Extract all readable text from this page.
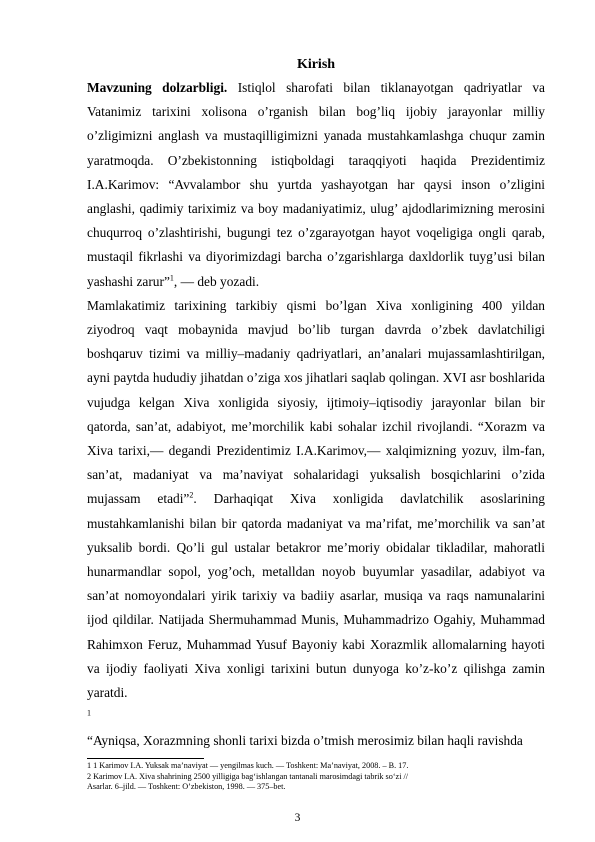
Kirish

Mavzuning dolzarbligi. Istiqlol sharofati bilan tiklanayotgan qadriyatlar va Vatanimiz tarixini xolisona o’rganish bilan bog’liq ijobiy jarayonlar milliy o’zligimizni anglash va mustaqilligimizni yanada mustahkamlashga chuqur zamin yaratmoqda. O’zbekistonning istiqboldagi taraqqiyoti haqida Prezidentimiz I.A.Karimov: “Avvalambor shu yurtda yashayotgan har qaysi inson o’zligini anglashi, qadimiy tariximiz va boy madaniyatimiz, ulug’ ajdodlarimizning merosini chuqurroq o’zlashtirishi, bugungi tez o’zgarayotgan hayot voqeligiga ongli qarab, mustaqil fikrlashi va diyorimizdagi barcha o’zgarishlarga daxldorlik tuyg’usi bilan yashashi zarur”$^1$, — deb yozadi.

Mamlakatimiz tarixining tarkibiy qismi bo’lgan Xiva xonligining 400 yildan ziyodroq vaqt mobaynida mavjud bo’lib turgan davrda o’zbek davlatchiligi boshqaruv tizimi va milliy–madaniy qadriyatlari, an’analari mujassamlashtirilgan, ayni paytda hududiy jihatdan o’ziga xos jihatlari saqlab qolingan. XVI asr boshlarida vujudga kelgan Xiva xonligida siyosiy, ijtimoiy–iqtisodiy jarayonlar bilan bir qatorda, san’at, adabiyot, me’morchilik kabi sohalar izchil rivojlandi. “Xorazm va Xiva tarixi,— degandi Prezidentimiz I.A.Karimov,— xalqimizning yozuv, ilm-fan, san’at, madaniyat va ma’naviyat sohalaridagi yuksalish bosqichlarini o’zida mujassam etadi”$^2$. Darhaqiqat Xiva xonligida davlatchilik asoslarining mustahkamlanishi bilan bir qatorda madaniyat va ma’rifat, me’morchilik va san’at yuksalib bordi. Qo’li gul ustalar betakror me’moriy obidalar tikladilar, mahoratli hunarmandlar sopol, yog’och, metalldan noyob buyumlar yasadilar, adabiyot va san’at nomoyondalari yirik tarixiy va badiiy asarlar, musiqa va raqs namunalarini ijod qildilar. Natijada Shermuhammad Munis, Muhammadrizo Ogahiy, Muhammad Rahimxon Feruz, Muhammad Yusuf Bayoniy kabi Xorazmlik allomalarning hayoti va ijodiy faoliyati Xiva xonligi tarixini butun dunyoga ko’z-ko’z qilishga zamin yaratdi.

$^1$
“Ayniqsa, Xorazmning shonli tarixi bizda o’tmish merosimiz bilan haqli ravishda

1 1 Karimov I.A. Yuksak ma’naviyat — yengilmas kuch. — Toshkent: Ma’naviyat, 2008. – B. 17.

2 Karimov I.A. Xiva shahrining 2500 yilligiga bag‘ishlangan tantanali marosimdagi tabrik so‘zi //

Asarlar. 6–jild. — Toshkent: O’zbekiston, 1998. — 375–bet.

3
